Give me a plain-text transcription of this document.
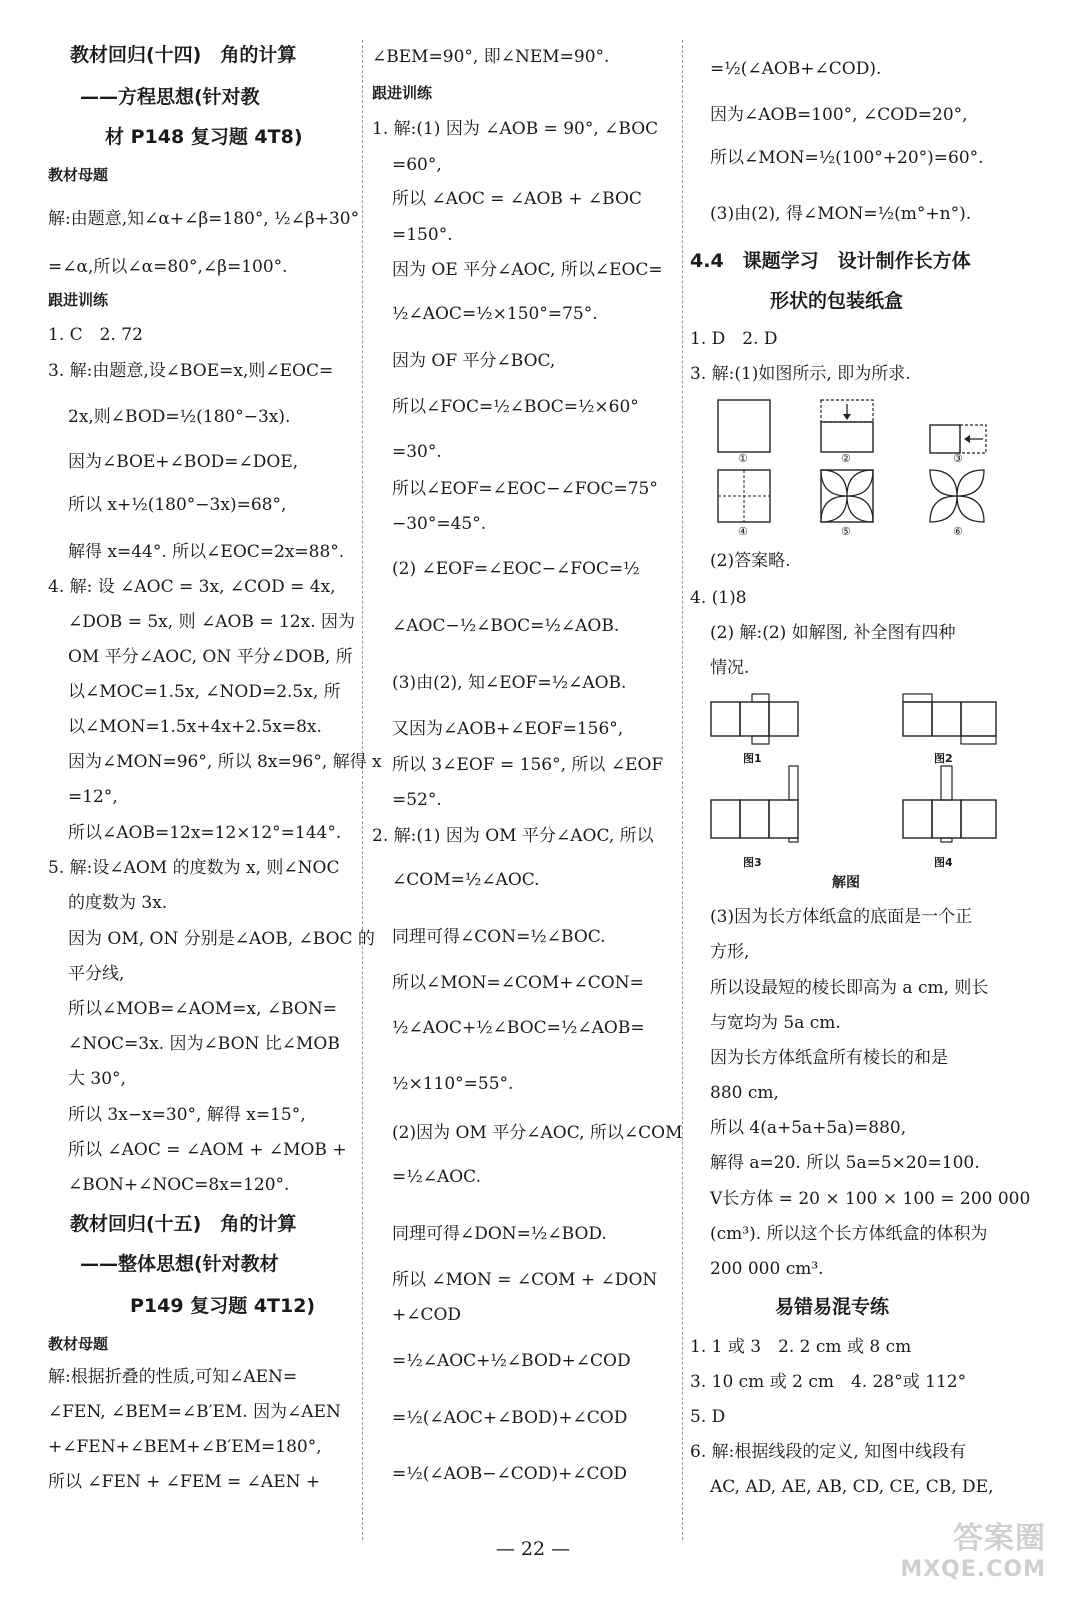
①	②	③
④	⑤	⑥
图1	图2
图3	图4
解图
— 22 —	答案圈
MXQE.COM
教材回归(十四)　角的计算
——方程思想(针对教
材 P148 复习题 4T8)
教材母题
解:由题意,知∠α+∠β=180°, ½∠β+30°
=∠α,所以∠α=80°,∠β=100°.
跟进训练
1. C　2. 72
3. 解:由题意,设∠BOE=x,则∠EOC=
2x,则∠BOD=½(180°−3x).
因为∠BOE+∠BOD=∠DOE,
所以 x+½(180°−3x)=68°,
解得 x=44°. 所以∠EOC=2x=88°.
4. 解: 设 ∠AOC = 3x, ∠COD = 4x,
∠DOB = 5x, 则 ∠AOB = 12x. 因为
OM 平分∠AOC, ON 平分∠DOB, 所
以∠MOC=1.5x, ∠NOD=2.5x, 所
以∠MON=1.5x+4x+2.5x=8x.
因为∠MON=96°, 所以 8x=96°, 解得 x
=12°,
所以∠AOB=12x=12×12°=144°.
5. 解:设∠AOM 的度数为 x, 则∠NOC
的度数为 3x.
因为 OM, ON 分别是∠AOB, ∠BOC 的
平分线,
所以∠MOB=∠AOM=x, ∠BON=
∠NOC=3x. 因为∠BON 比∠MOB
大 30°,
所以 3x−x=30°, 解得 x=15°,
所以 ∠AOC = ∠AOM + ∠MOB +
∠BON+∠NOC=8x=120°.
教材回归(十五)　角的计算
——整体思想(针对教材
P149 复习题 4T12)
教材母题
解:根据折叠的性质,可知∠AEN=
∠FEN, ∠BEM=∠B′EM. 因为∠AEN
+∠FEN+∠BEM+∠B′EM=180°,
所以 ∠FEN + ∠FEM = ∠AEN +
∠BEM=90°, 即∠NEM=90°.
跟进训练
1. 解:(1) 因为 ∠AOB = 90°, ∠BOC
=60°,
所以 ∠AOC = ∠AOB + ∠BOC
=150°.
因为 OE 平分∠AOC, 所以∠EOC=
½∠AOC=½×150°=75°.
因为 OF 平分∠BOC,
所以∠FOC=½∠BOC=½×60°
=30°.
所以∠EOF=∠EOC−∠FOC=75°
−30°=45°.
(2) ∠EOF=∠EOC−∠FOC=½
∠AOC−½∠BOC=½∠AOB.
(3)由(2), 知∠EOF=½∠AOB.
又因为∠AOB+∠EOF=156°,
所以 3∠EOF = 156°, 所以 ∠EOF
=52°.
2. 解:(1) 因为 OM 平分∠AOC, 所以
∠COM=½∠AOC.
同理可得∠CON=½∠BOC.
所以∠MON=∠COM+∠CON=
½∠AOC+½∠BOC=½∠AOB=
½×110°=55°.
(2)因为 OM 平分∠AOC, 所以∠COM
=½∠AOC.
同理可得∠DON=½∠BOD.
所以 ∠MON = ∠COM + ∠DON
+∠COD
=½∠AOC+½∠BOD+∠COD
=½(∠AOC+∠BOD)+∠COD
=½(∠AOB−∠COD)+∠COD
=½(∠AOB+∠COD).
因为∠AOB=100°, ∠COD=20°,
所以∠MON=½(100°+20°)=60°.
(3)由(2), 得∠MON=½(m°+n°).
4.4　课题学习　设计制作长方体
形状的包装纸盒
1. D　2. D
3. 解:(1)如图所示, 即为所求.
(2)答案略.
4. (1)8
(2) 解:(2) 如解图, 补全图有四种
情况.
(3)因为长方体纸盒的底面是一个正
方形,
所以设最短的棱长即高为 a cm, 则长
与宽均为 5a cm.
因为长方体纸盒所有棱长的和是
880 cm,
所以 4(a+5a+5a)=880,
解得 a=20. 所以 5a=5×20=100.
V长方体 = 20 × 100 × 100 = 200 000
(cm³). 所以这个长方体纸盒的体积为
200 000 cm³.
易错易混专练
1. 1 或 3　2. 2 cm 或 8 cm
3. 10 cm 或 2 cm　4. 28°或 112°
5. D
6. 解:根据线段的定义, 知图中线段有
AC, AD, AE, AB, CD, CE, CB, DE,
